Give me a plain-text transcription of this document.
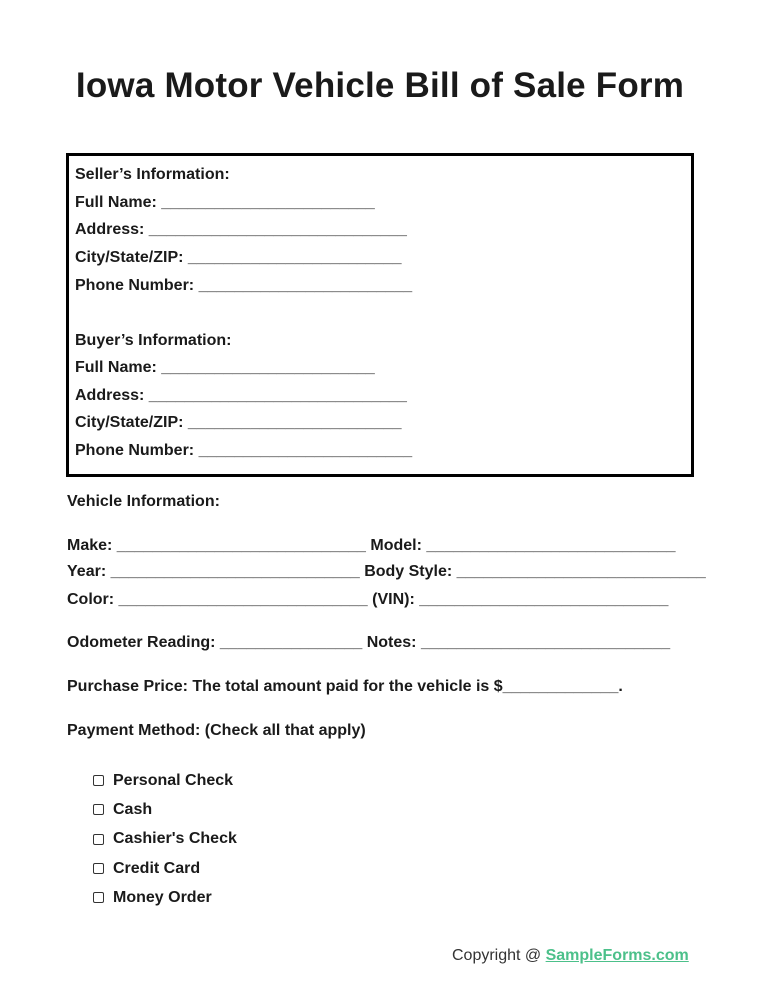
Iowa Motor Vehicle Bill of Sale Form
Seller’s Information:
Full Name: ________________________
Address: _____________________________
City/State/ZIP: ________________________
Phone Number: ________________________
Buyer’s Information:
Full Name: ________________________
Address: _____________________________
City/State/ZIP: ________________________
Phone Number: ________________________
Vehicle Information:
Make: ____________________________ Model: ____________________________
Year: ____________________________ Body Style: ____________________________
Color: ____________________________ (VIN): ____________________________
Odometer Reading: ________________ Notes: ____________________________
Purchase Price: The total amount paid for the vehicle is $_____________.
Payment Method: (Check all that apply)
Personal Check
Cash
Cashier's Check
Credit Card
Money Order
Copyright @ SampleForms.com
